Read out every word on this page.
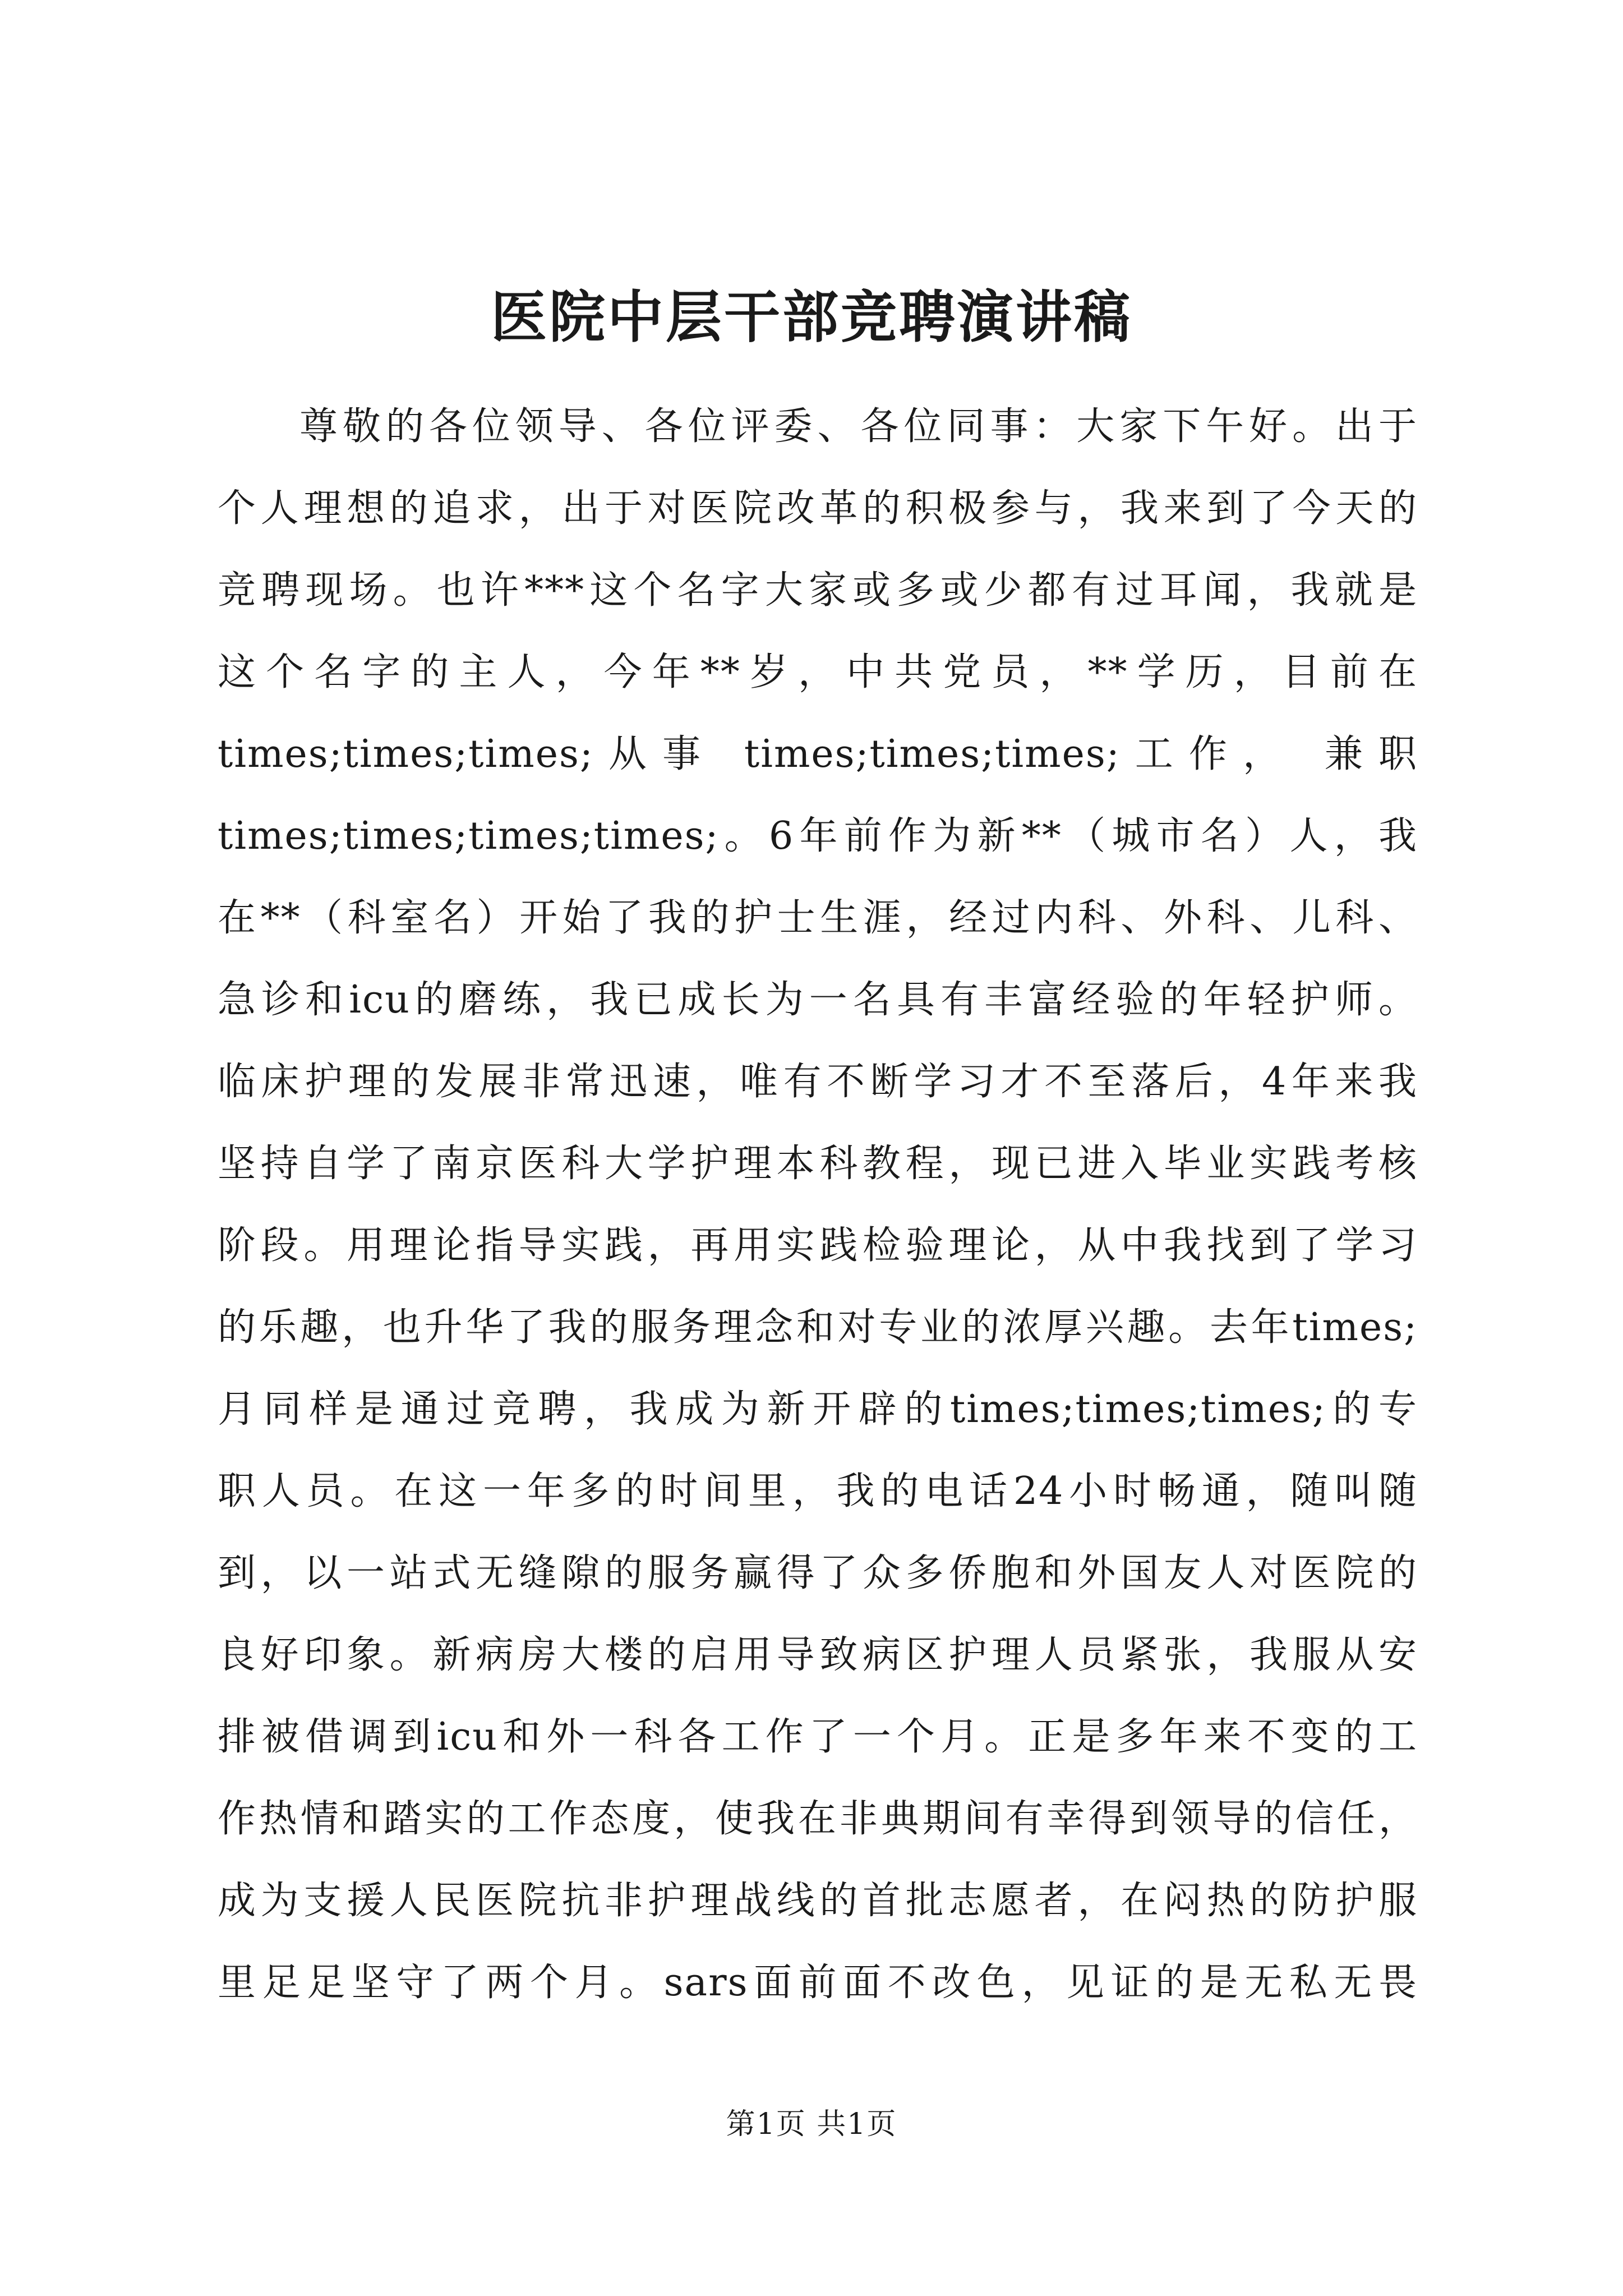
医院中层干部竞聘演讲稿
尊敬的各位领导、各位评委、各位同事：大家下午好。出于
个人理想的追求，出于对医院改革的积极参与，我来到了今天的
竞聘现场。也许***这个名字大家或多或少都有过耳闻，我就是
这个名字的主人，今年**岁，中共党员，**学历，目前在
times;times;times;从事 times;times;times;工作， 兼职
times;times;times;times;。6年前作为新**（城市名）人，我
在**（科室名）开始了我的护士生涯，经过内科、外科、儿科、
急诊和icu的磨练，我已成长为一名具有丰富经验的年轻护师。
临床护理的发展非常迅速，唯有不断学习才不至落后，4年来我
坚持自学了南京医科大学护理本科教程，现已进入毕业实践考核
阶段。用理论指导实践，再用实践检验理论，从中我找到了学习
的乐趣，也升华了我的服务理念和对专业的浓厚兴趣。去年times;
月同样是通过竞聘，我成为新开辟的times;times;times;的专
职人员。在这一年多的时间里，我的电话24小时畅通，随叫随
到，以一站式无缝隙的服务赢得了众多侨胞和外国友人对医院的
良好印象。新病房大楼的启用导致病区护理人员紧张，我服从安
排被借调到icu和外一科各工作了一个月。正是多年来不变的工
作热情和踏实的工作态度，使我在非典期间有幸得到领导的信任，
成为支援人民医院抗非护理战线的首批志愿者，在闷热的防护服
里足足坚守了两个月。sars面前面不改色，见证的是无私无畏
第1页 共1页
